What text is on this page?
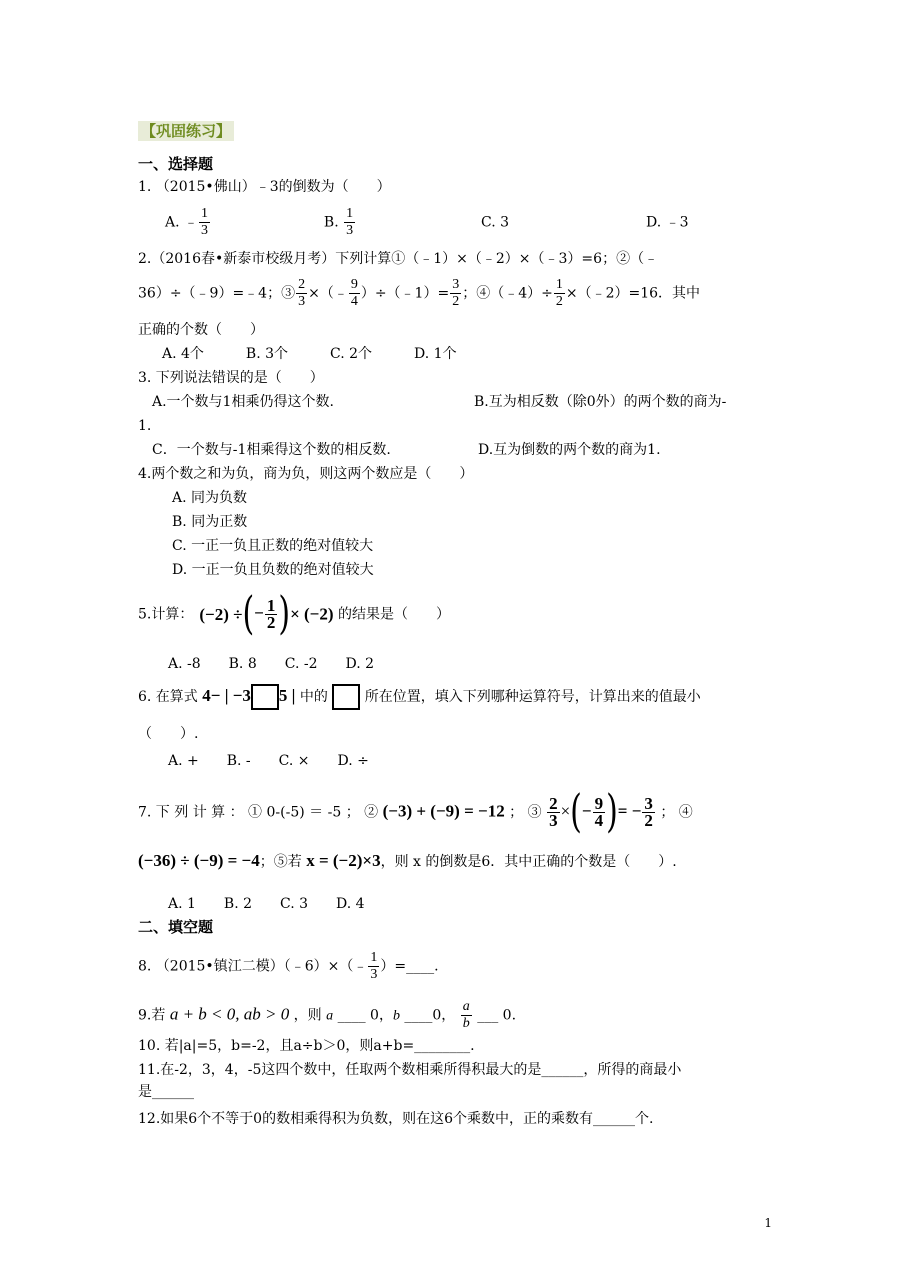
【巩固练习】
一、选择题
1. （2015•佛山）﹣3的倒数为（　　）
A. ﹣ $\frac{1}{3}$	B. $\frac{1}{3}$	C. 3	D. ﹣3
2.（2016春•新泰市校级月考）下列计算①（﹣1）×（﹣2）×（﹣3）=6；②（﹣
36）÷（﹣9）=﹣4；③ $\frac{2}{3}$ ×（﹣ $\frac{9}{4}$ ）÷（﹣1）= $\frac{3}{2}$ ；④（﹣4）÷ $\frac{1}{2}$ ×（﹣2）=16．其中
正确的个数（　　）
A. 4个　　　B. 3个　　　C. 2个　　　D. 1个
3. 下列说法错误的是（　　）
A.一个数与1相乘仍得这个数.	B.互为相反数（除0外）的两个数的商为-
1.
C．一个数与-1相乘得这个数的相反数.	D.互为倒数的两个数的商为1.
4.两个数之和为负，商为负，则这两个数应是（　　）
A. 同为负数
B. 同为正数
C. 一正一负且正数的绝对值较大
D. 一正一负且负数的绝对值较大
5.计算： (−2) ÷(− $\frac{1}{2}$ )× (−2) 的结果是（　　）
A. -8　　B. 8　　C. -2　　D. 2
6. 在算式 4− | −3 5 | 中的  所在位置，填入下列哪种运算符号，计算出来的值最小
（　　）.
A. +　　B. -　　C. ×　　D. ÷
7. 下 列 计 算 ： ① 0-(-5) ＝ -5 ； ② (−3) + (−9) = −12 ； ③ $\frac{2}{3}$ ×(− $\frac{9}{4}$ )= − $\frac{3}{2}$ ； ④
(−36) ÷ (−9) = −4；⑤若 x = (−2)×3，则 x 的倒数是6．其中正确的个数是（　　）.
A. 1　　B. 2　　C. 3　　D. 4
二、填空题
8. （2015•镇江二模）（﹣6）×（﹣ $\frac{1}{3}$ ）=____.
9.若 a + b < 0, ab > 0 ，则 a ____ 0，b ____0， $\frac{a}{b}$ ___ 0.
10. 若|a|=5，b=-2，且a÷b＞0，则a+b=________.
11.在-2，3，4，-5这四个数中，任取两个数相乘所得积最大的是______，所得的商最小
是______
12.如果6个不等于0的数相乘得积为负数，则在这6个乘数中，正的乘数有______个.
1
